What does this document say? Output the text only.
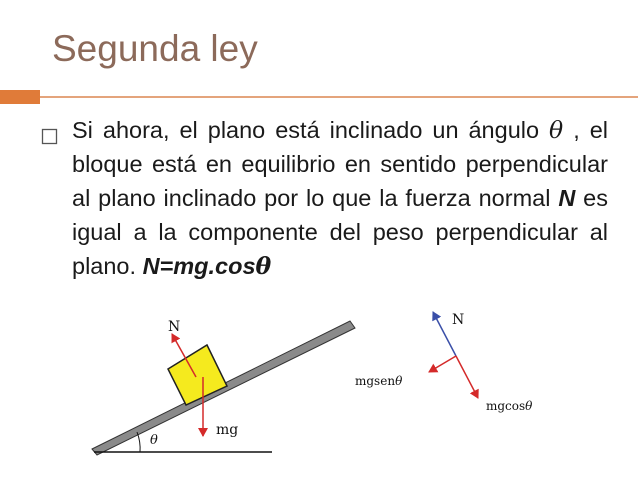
Segunda ley
Si ahora, el plano está inclinado un ángulo θ , el bloque está en equilibrio en sentido perpendicular al plano inclinado por lo que la fuerza normal N es igual a la componente del peso perpendicular al plano. N=mg.cosθ
θ
N
mg
N
mgsenθ
mgcosθ
